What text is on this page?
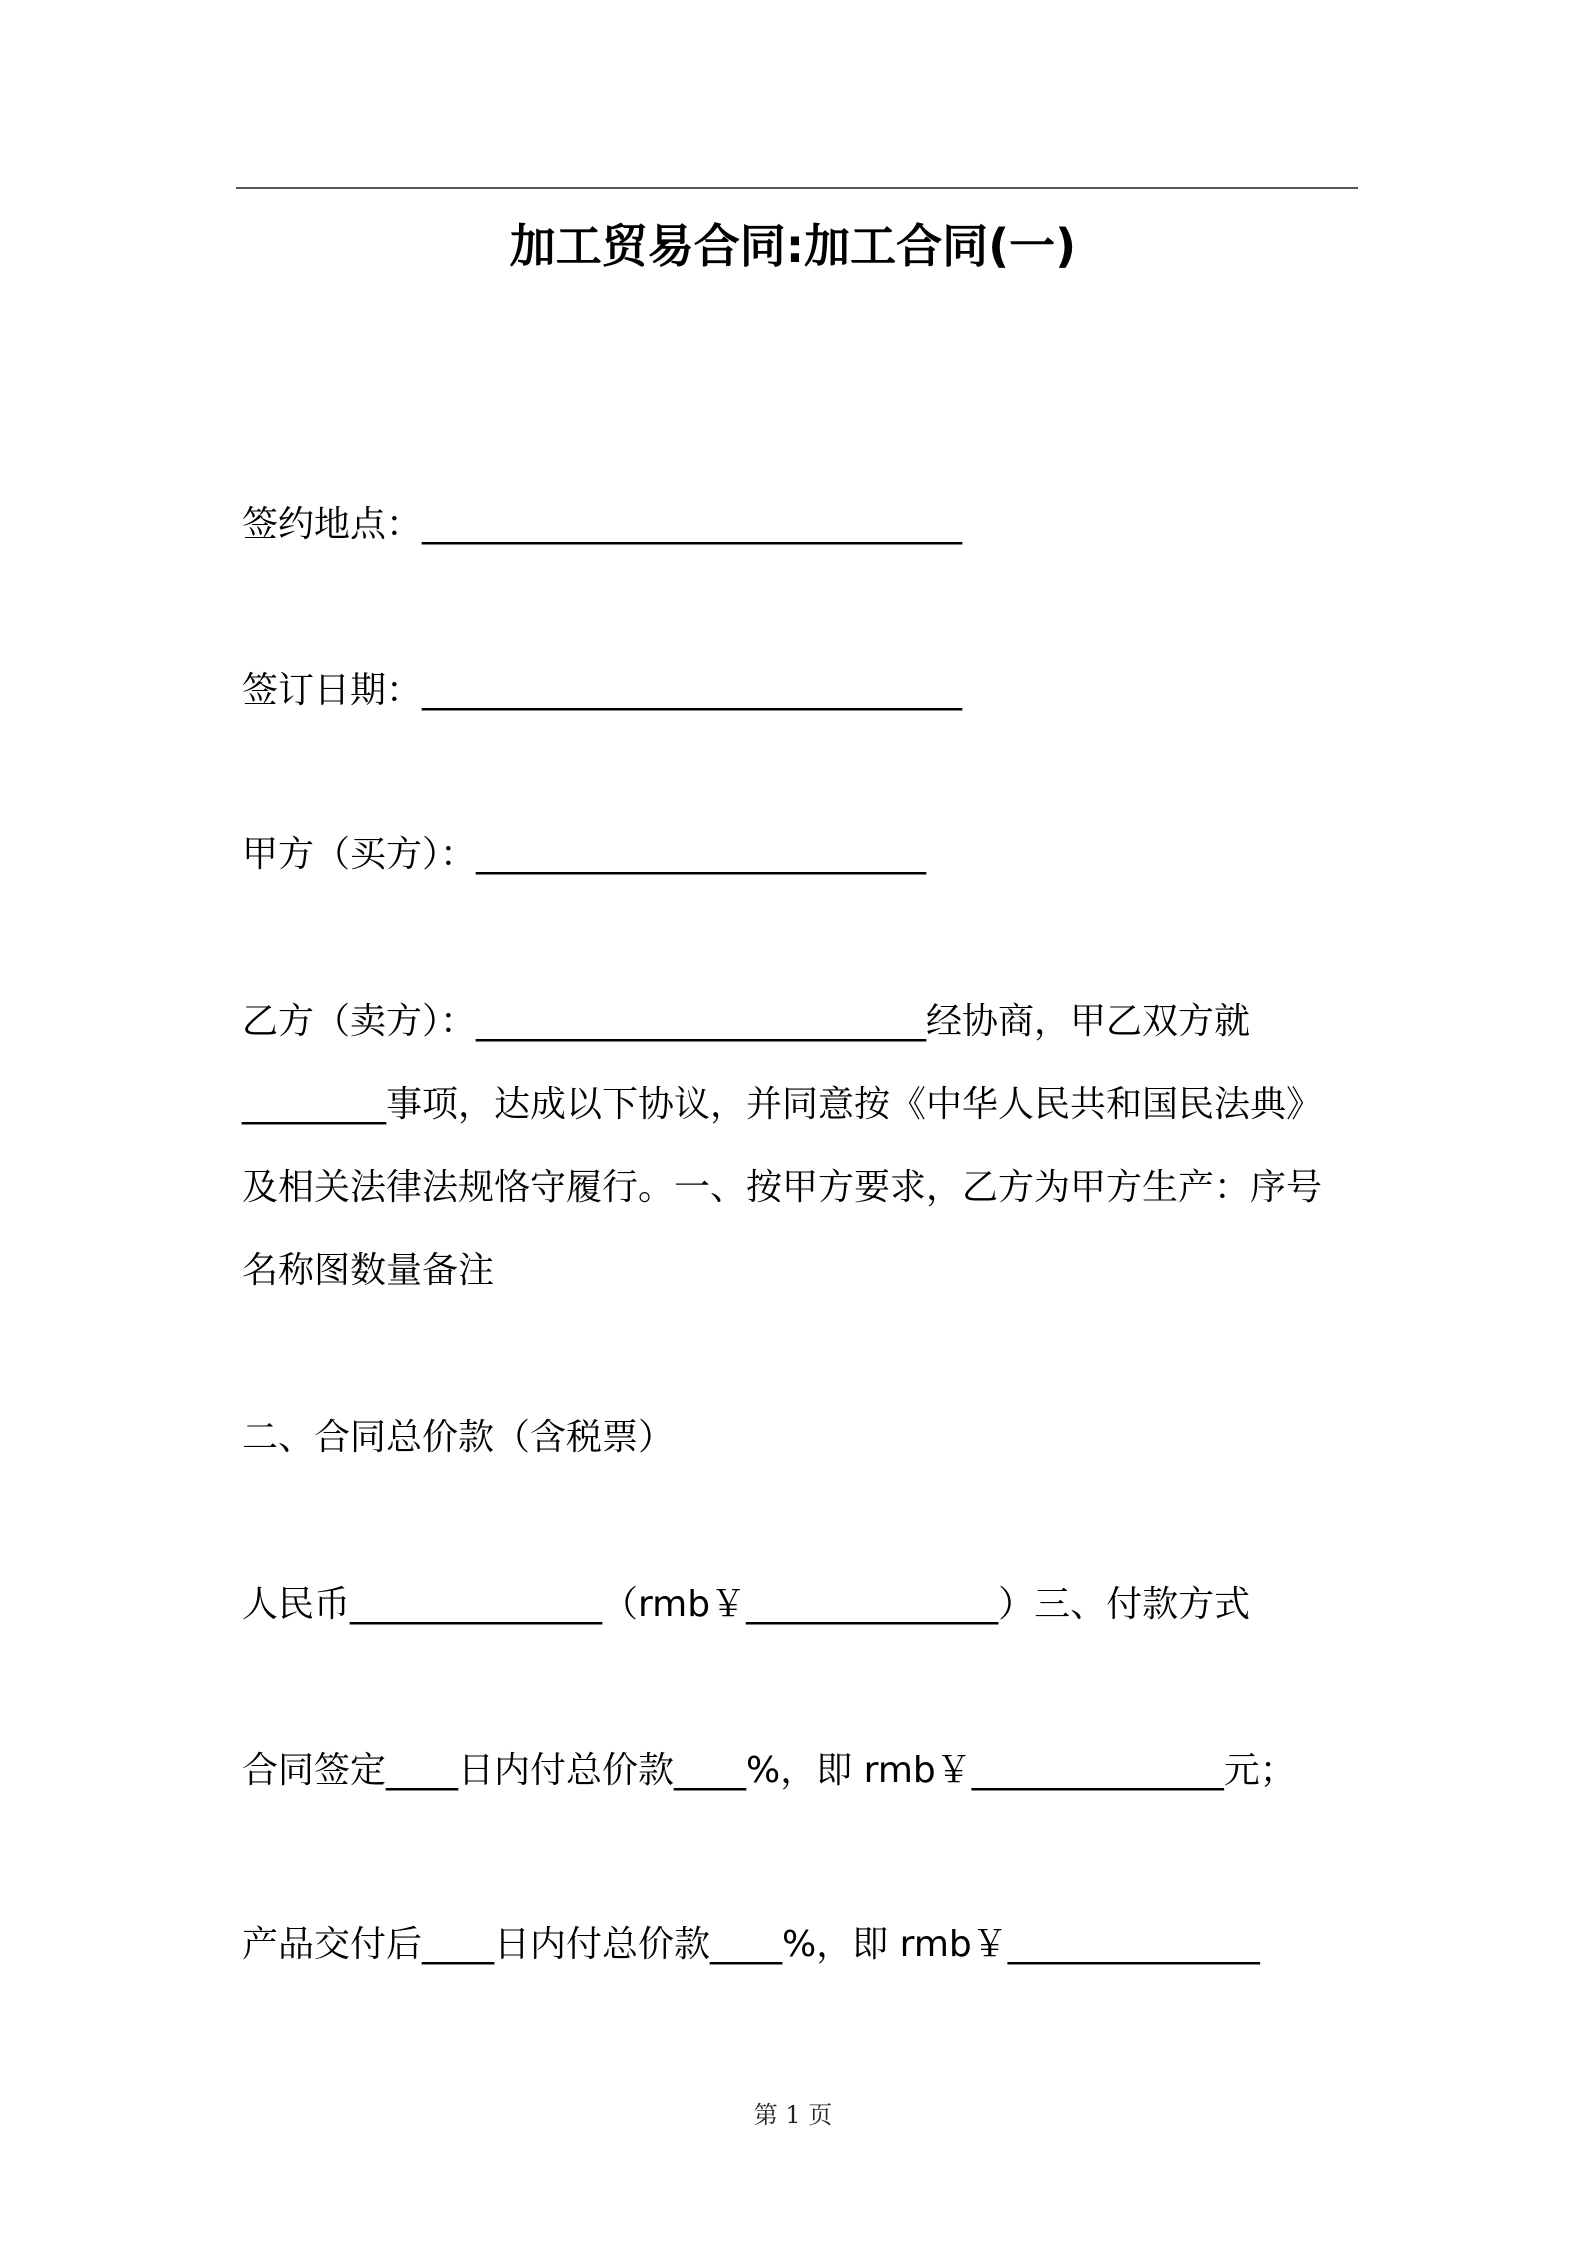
加工贸易合同:加工合同(一)
签约地点：______________________________
签订日期：______________________________
甲方（买方）：_________________________
乙方（卖方）：_________________________经协商，甲乙双方就
________事项，达成以下协议，并同意按《中华人民共和国民法典》
及相关法律法规恪守履行。一、按甲方要求，乙方为甲方生产：序号
名称图数量备注
二、合同总价款（含税票）
人民币______________（rmb￥______________）三、付款方式
合同签定____日内付总价款____%，即 rmb￥______________元；
产品交付后____日内付总价款____%，即 rmb￥______________
第 1 页
